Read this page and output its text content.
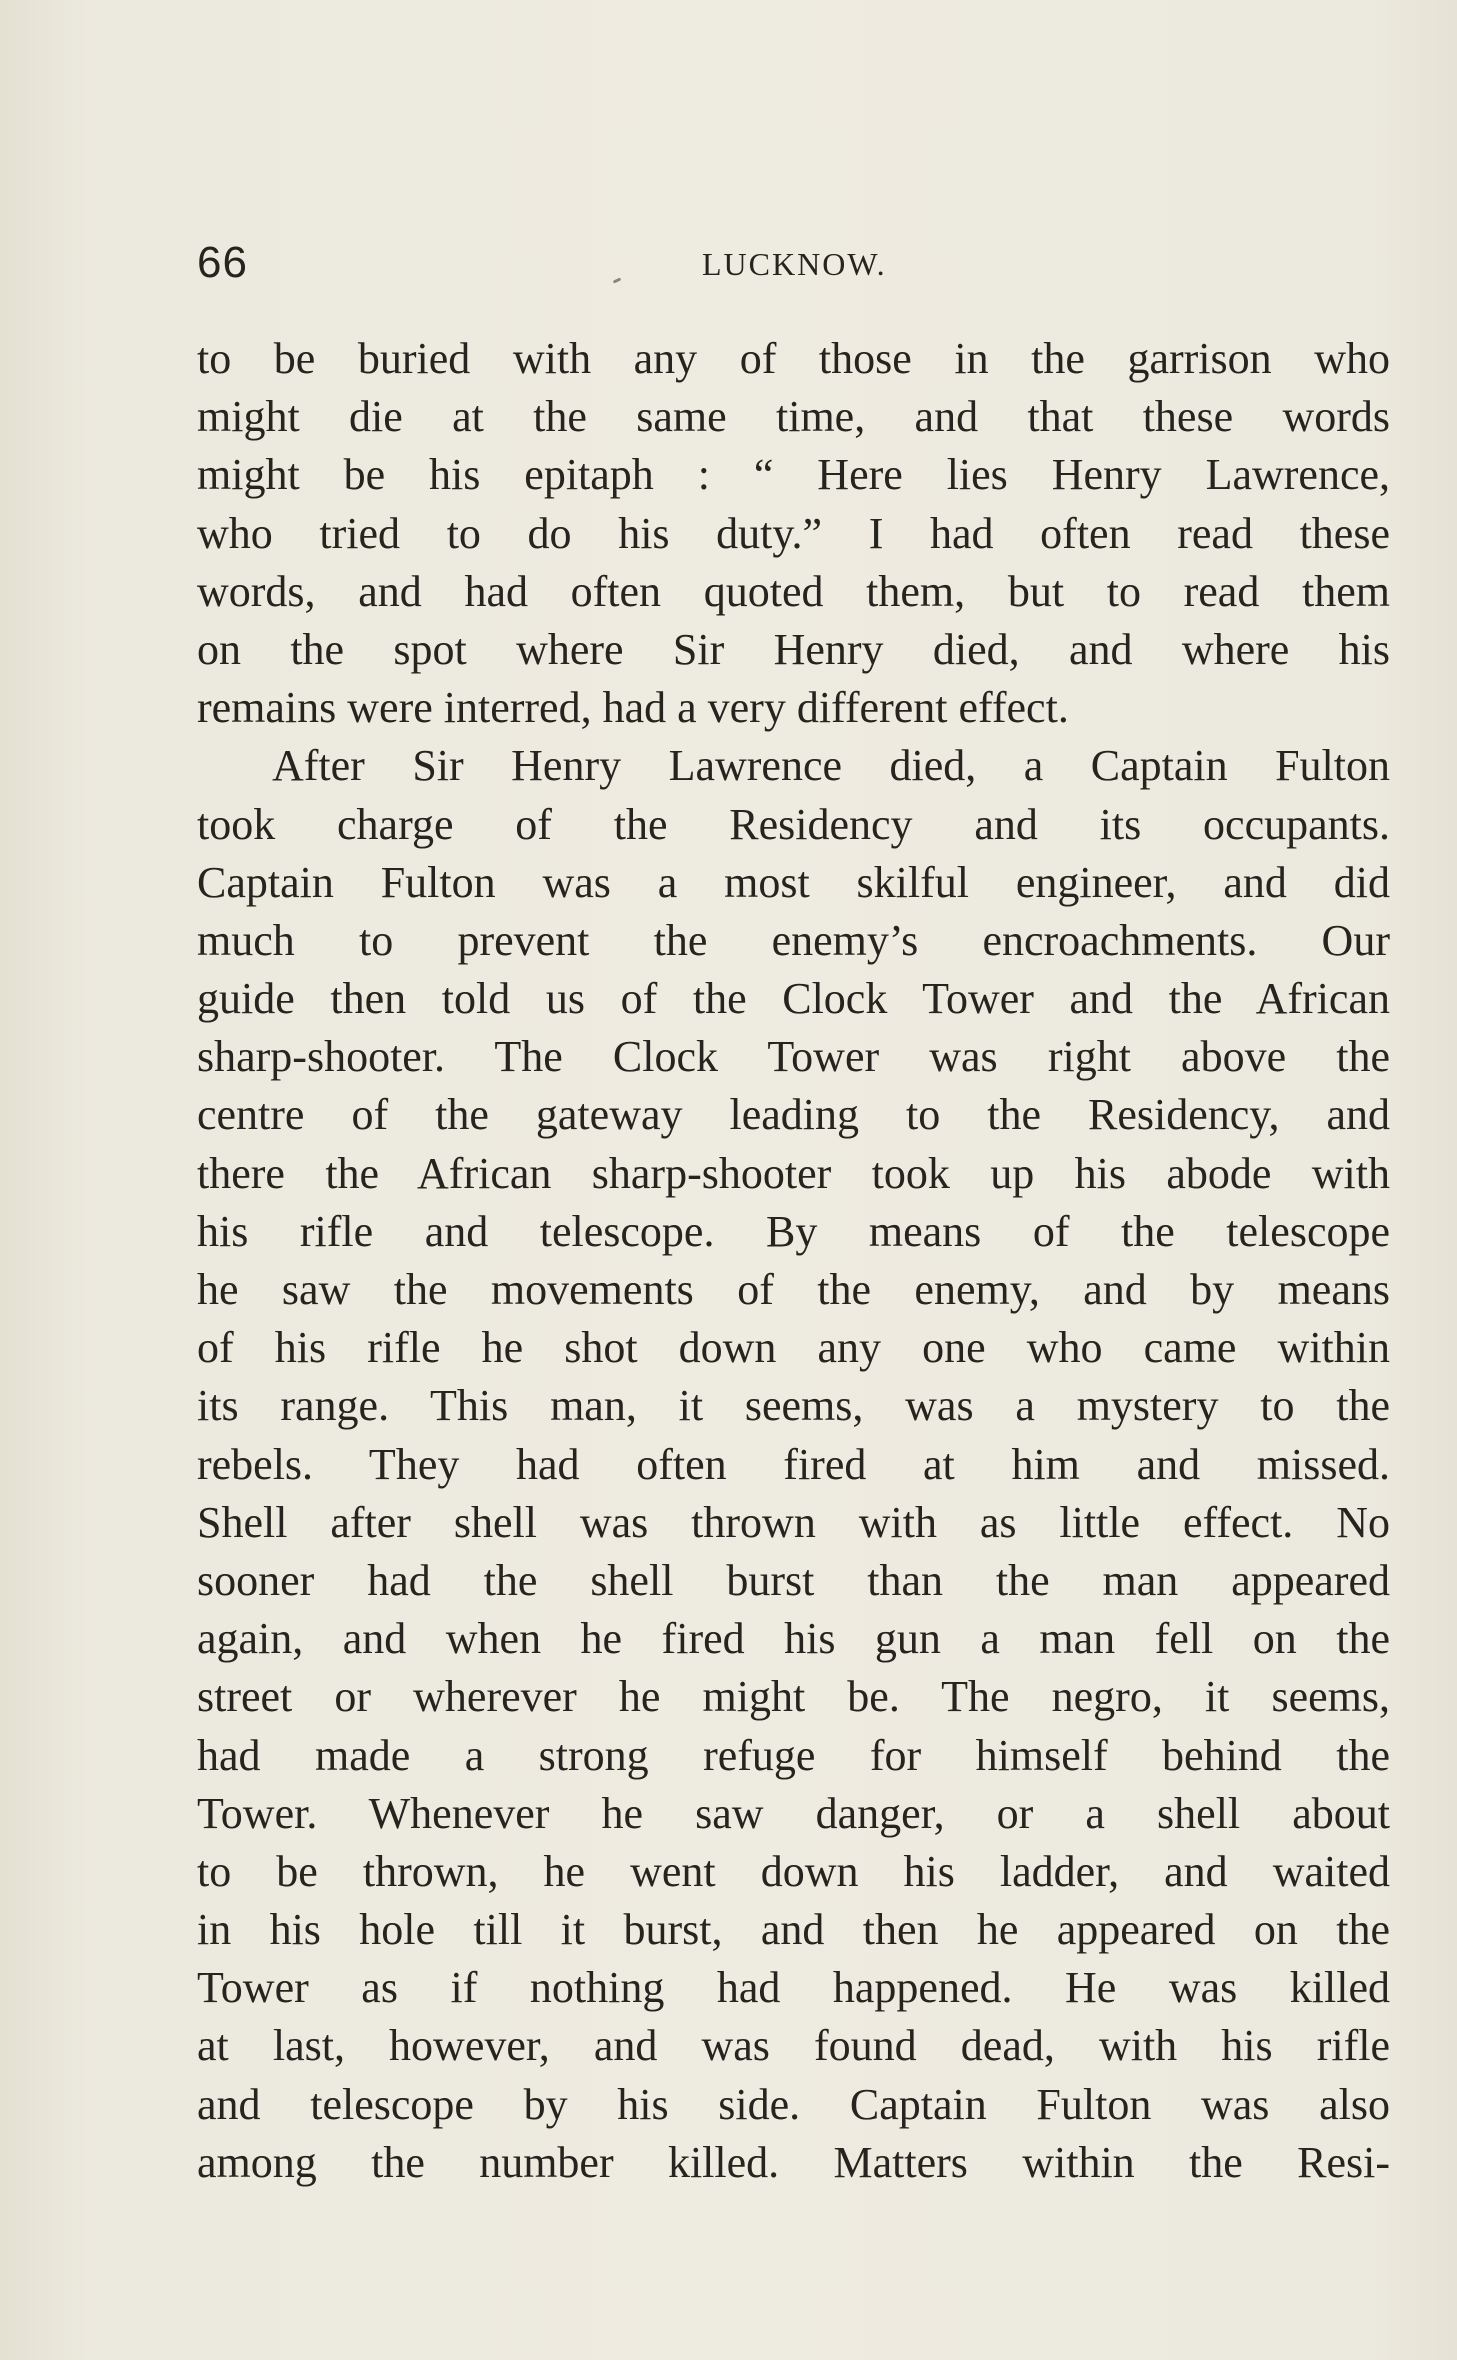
66	LUCKNOW.
to be buried with any of those in the garrison who
might die at the same time, and that these words
might be his epitaph : “ Here lies Henry Lawrence,
who tried to do his duty.” I had often read these
words, and had often quoted them, but to read them
on the spot where Sir Henry died, and where his
remains were interred, had a very different effect.
After Sir Henry Lawrence died, a Captain Fulton
took charge of the Residency and its occupants.
Captain Fulton was a most skilful engineer, and did
much to prevent the enemy’s encroachments. Our
guide then told us of the Clock Tower and the African
sharp-shooter. The Clock Tower was right above the
centre of the gateway leading to the Residency, and
there the African sharp-shooter took up his abode with
his rifle and telescope. By means of the telescope
he saw the movements of the enemy, and by means
of his rifle he shot down any one who came within
its range. This man, it seems, was a mystery to the
rebels. They had often fired at him and missed.
Shell after shell was thrown with as little effect. No
sooner had the shell burst than the man appeared
again, and when he fired his gun a man fell on the
street or wherever he might be. The negro, it seems,
had made a strong refuge for himself behind the
Tower. Whenever he saw danger, or a shell about
to be thrown, he went down his ladder, and waited
in his hole till it burst, and then he appeared on the
Tower as if nothing had happened. He was killed
at last, however, and was found dead, with his rifle
and telescope by his side. Captain Fulton was also
among the number killed. Matters within the Resi-
